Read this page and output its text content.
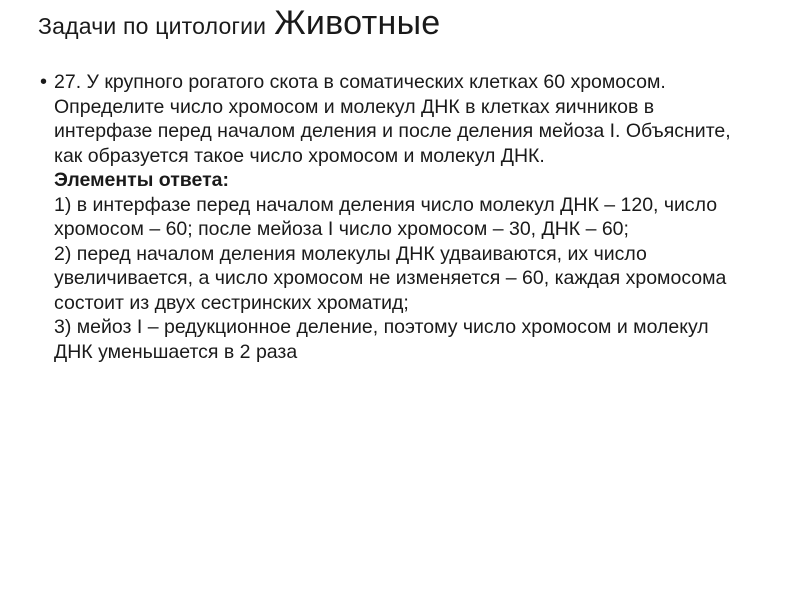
Задачи по цитологии Животные
• 27. У крупного рогатого скота в соматических клетках 60 хромосом. Определите число хромосом и молекул ДНК в клетках яичников в интерфазе перед началом деления и после деления мейоза I. Объясните, как образуется такое число хромосом и молекул ДНК.

Элементы ответа:

1) в интерфазе перед началом деления число молекул ДНК – 120, число хромосом – 60; после мейоза I число хромосом – 30, ДНК – 60;

2) перед началом деления молекулы ДНК удваиваются, их число увеличивается, а число хромосом не изменяется – 60, каждая хромосома состоит из двух сестринских хроматид;

3) мейоз I – редукционное деление, поэтому число хромосом и молекул ДНК уменьшается в 2 раза
